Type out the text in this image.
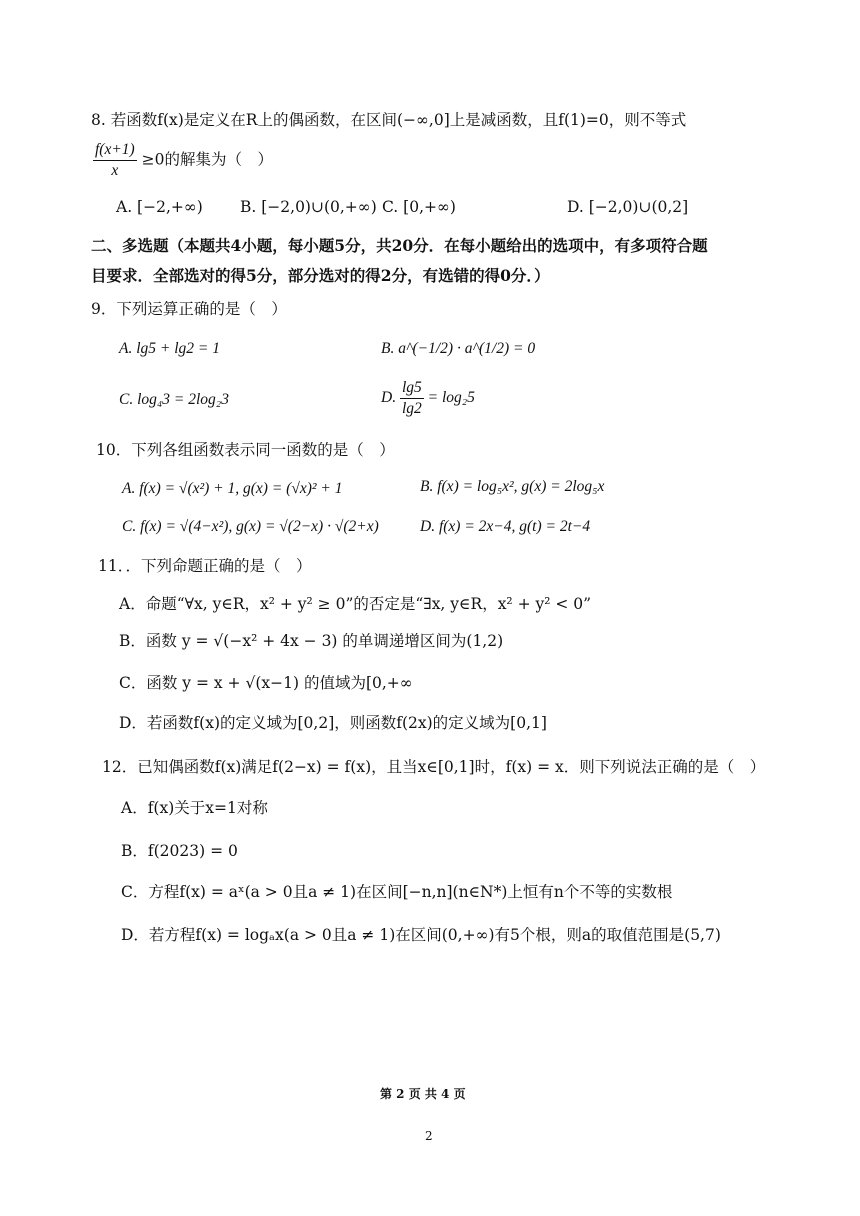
8. 若函数f(x)是定义在R上的偶函数，在区间(−∞,0]上是减函数，且f(1)=0，则不等式
$\frac{f(x+1)}{x} \ge 0$的解集为（　）
A. [−2,+∞) B. [−2,0)∪(0,+∞) C. [0,+∞)	D. [−2,0)∪(0,2]
二、多选题（本题共4小题，每小题5分，共20分．在每小题给出的选项中，有多项符合题
目要求．全部选对的得5分，部分选对的得2分，有选错的得0分．）
9．下列运算正确的是（　）
A. lg5 + lg2 = 1	B. a^(−1/2) · a^(1/2) = 0
C. log₄3 = 2log₂3	D. $\frac{\lg 5}{\lg 2} = \log_25$
10．下列各组函数表示同一函数的是（　）
A. f(x) = √(x²) + 1, g(x) = (√x)² + 1	B. f(x) = log₅x², g(x) = 2log₅x
C. f(x) = √(4−x²), g(x) = √(2−x) · √(2+x)	D. f(x) = 2x−4, g(t) = 2t−4
11．．下列命题正确的是（　）
A．命题“∀x, y∈R，x² + y² ≥ 0”的否定是“∃x, y∈R，x² + y² < 0”
B．函数 y = √(−x² + 4x − 3) 的单调递增区间为(1,2)
C．函数 y = x + √(x−1) 的值域为[0,+∞
D．若函数f(x)的定义域为[0,2]，则函数f(2x)的定义域为[0,1]
12．已知偶函数f(x)满足f(2−x) = f(x)，且当x∈[0,1]时，f(x) = x．则下列说法正确的是（　）
A．f(x)关于x=1对称
B．f(2023) = 0
C．方程f(x) = aˣ(a > 0且a ≠ 1)在区间[−n,n](n∈N*)上恒有n个不等的实数根
D．若方程f(x) = logₐx(a > 0且a ≠ 1)在区间(0,+∞)有5个根，则a的取值范围是(5,7)
第 2 页 共 4 页
2
